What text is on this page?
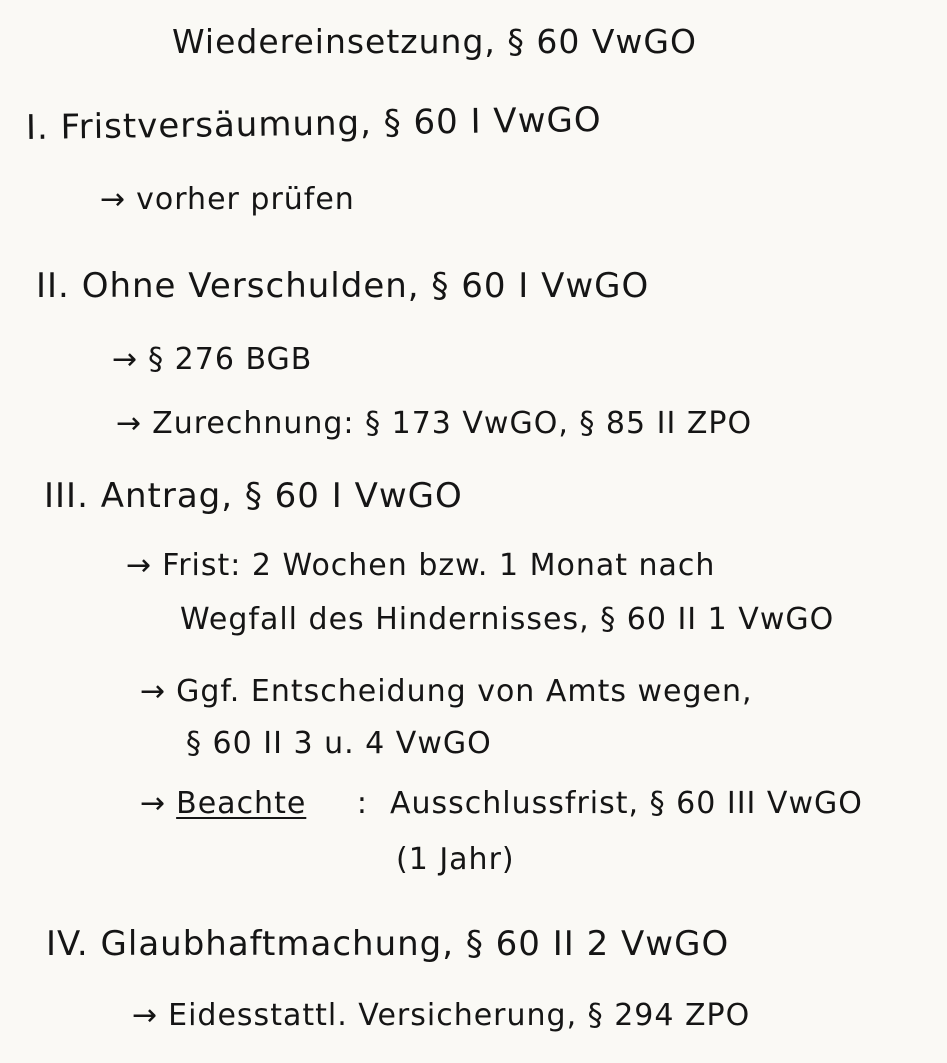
Wiedereinsetzung, § 60 VwGO
I. Fristversäumung, § 60 I VwGO
→ vorher prüfen
II. Ohne Verschulden, § 60 I VwGO
→ § 276 BGB
→ Zurechnung: § 173 VwGO, § 85 II ZPO
III. Antrag, § 60 I VwGO
→ Frist: 2 Wochen bzw. 1 Monat nach
Wegfall des Hindernisses, § 60 II 1 VwGO
→ Ggf. Entscheidung von Amts wegen,
§ 60 II 3 u. 4 VwGO
→ Beachte : Ausschlussfrist, § 60 III VwGO
(1 Jahr)
IV. Glaubhaftmachung, § 60 II 2 VwGO
→ Eidesstattl. Versicherung, § 294 ZPO
